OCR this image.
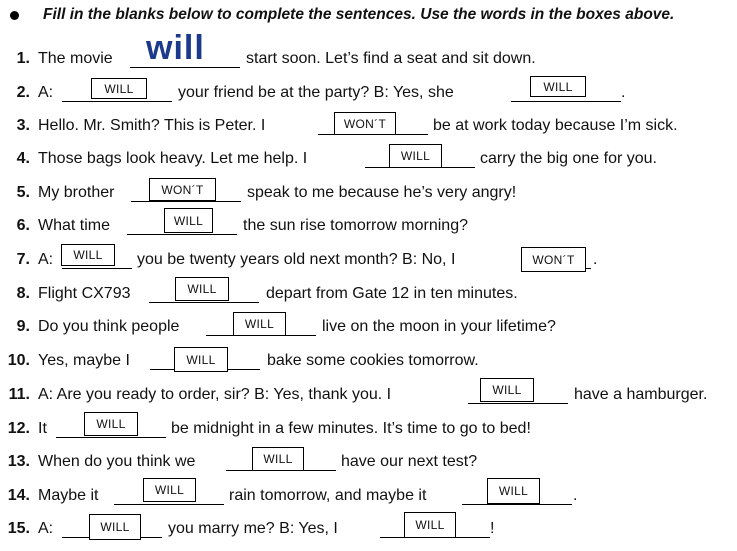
Fill in the blanks below to complete the sentences. Use the words in the boxes above.
1. The movie will	start soon. Let’s find a seat and sit down.
2. A:	WILL	your friend be at the party? B: Yes, she	WILL	.
3. Hello. Mr. Smith? This is Peter. I	WON´T	be at work today because I’m sick.
4. Those bags look heavy. Let me help. I	WILL	carry the big one for you.
5. My brother	WON´T	speak to me because he’s very angry!
6. What time	WILL	the sun rise tomorrow morning?
7. A:	WILL	you be twenty years old next month? B: No, I	WON´T	.
8. Flight CX793	WILL	depart from Gate 12 in ten minutes.
9. Do you think people	WILL	live on the moon in your lifetime?
10. Yes, maybe I	WILL	bake some cookies tomorrow.
11. A: Are you ready to order, sir? B: Yes, thank you. I	WILL	have a hamburger.
12. It	WILL	be midnight in a few minutes. It’s time to go to bed!
13. When do you think we	WILL	have our next test?
14. Maybe it	WILL	rain tomorrow, and maybe it	WILL	.
15. A:	WILL	you marry me? B: Yes, I	WILL	!
